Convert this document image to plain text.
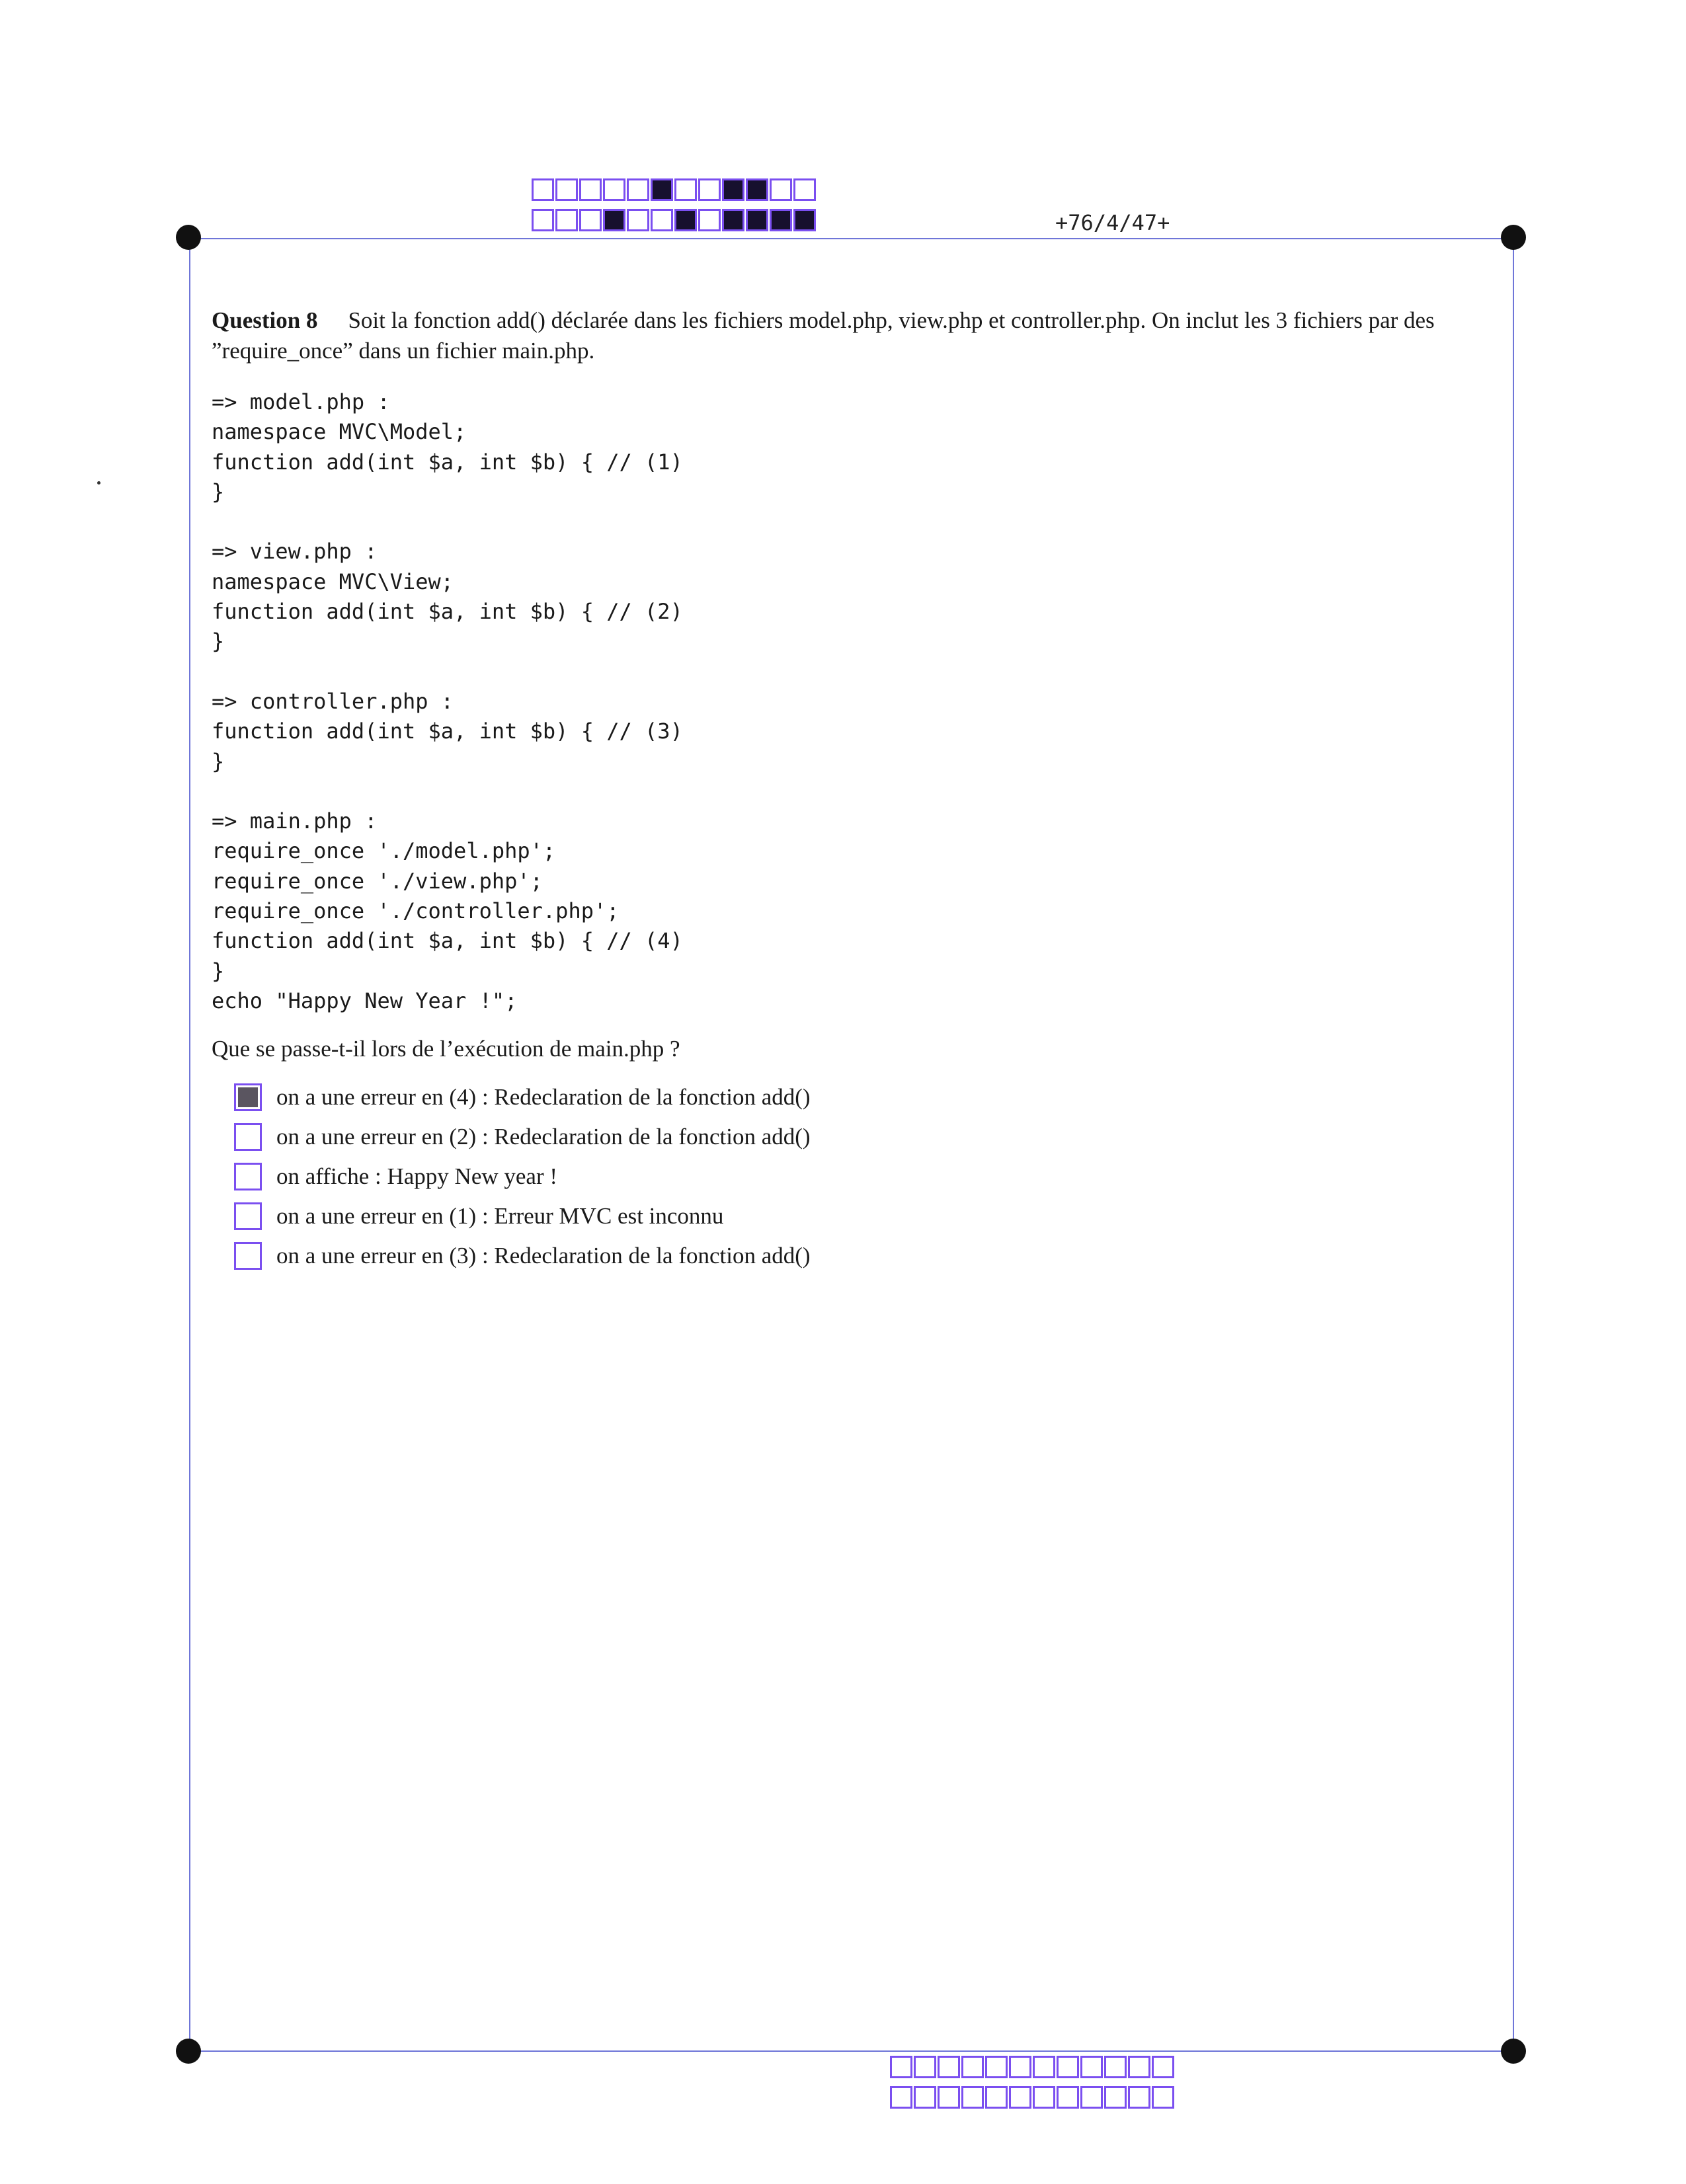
+76/4/47+
Question 8 Soit la fonction add() déclarée dans les fichiers model.php, view.php et controller.php. On inclut les 3 fichiers par des ”require_once” dans un fichier main.php.
=> model.php :
namespace MVC\Model;
function add(int $a, int $b) { // (1)
}

=> view.php :
namespace MVC\View;
function add(int $a, int $b) { // (2)
}

=> controller.php :
function add(int $a, int $b) { // (3)
}

=> main.php :
require_once './model.php';
require_once './view.php';
require_once './controller.php';
function add(int $a, int $b) { // (4)
}
echo "Happy New Year !";
Que se passe-t-il lors de l’exécution de main.php ?
on a une erreur en (4) : Redeclaration de la fonction add()
on a une erreur en (2) : Redeclaration de la fonction add()
on affiche : Happy New year !
on a une erreur en (1) : Erreur MVC est inconnu
on a une erreur en (3) : Redeclaration de la fonction add()
